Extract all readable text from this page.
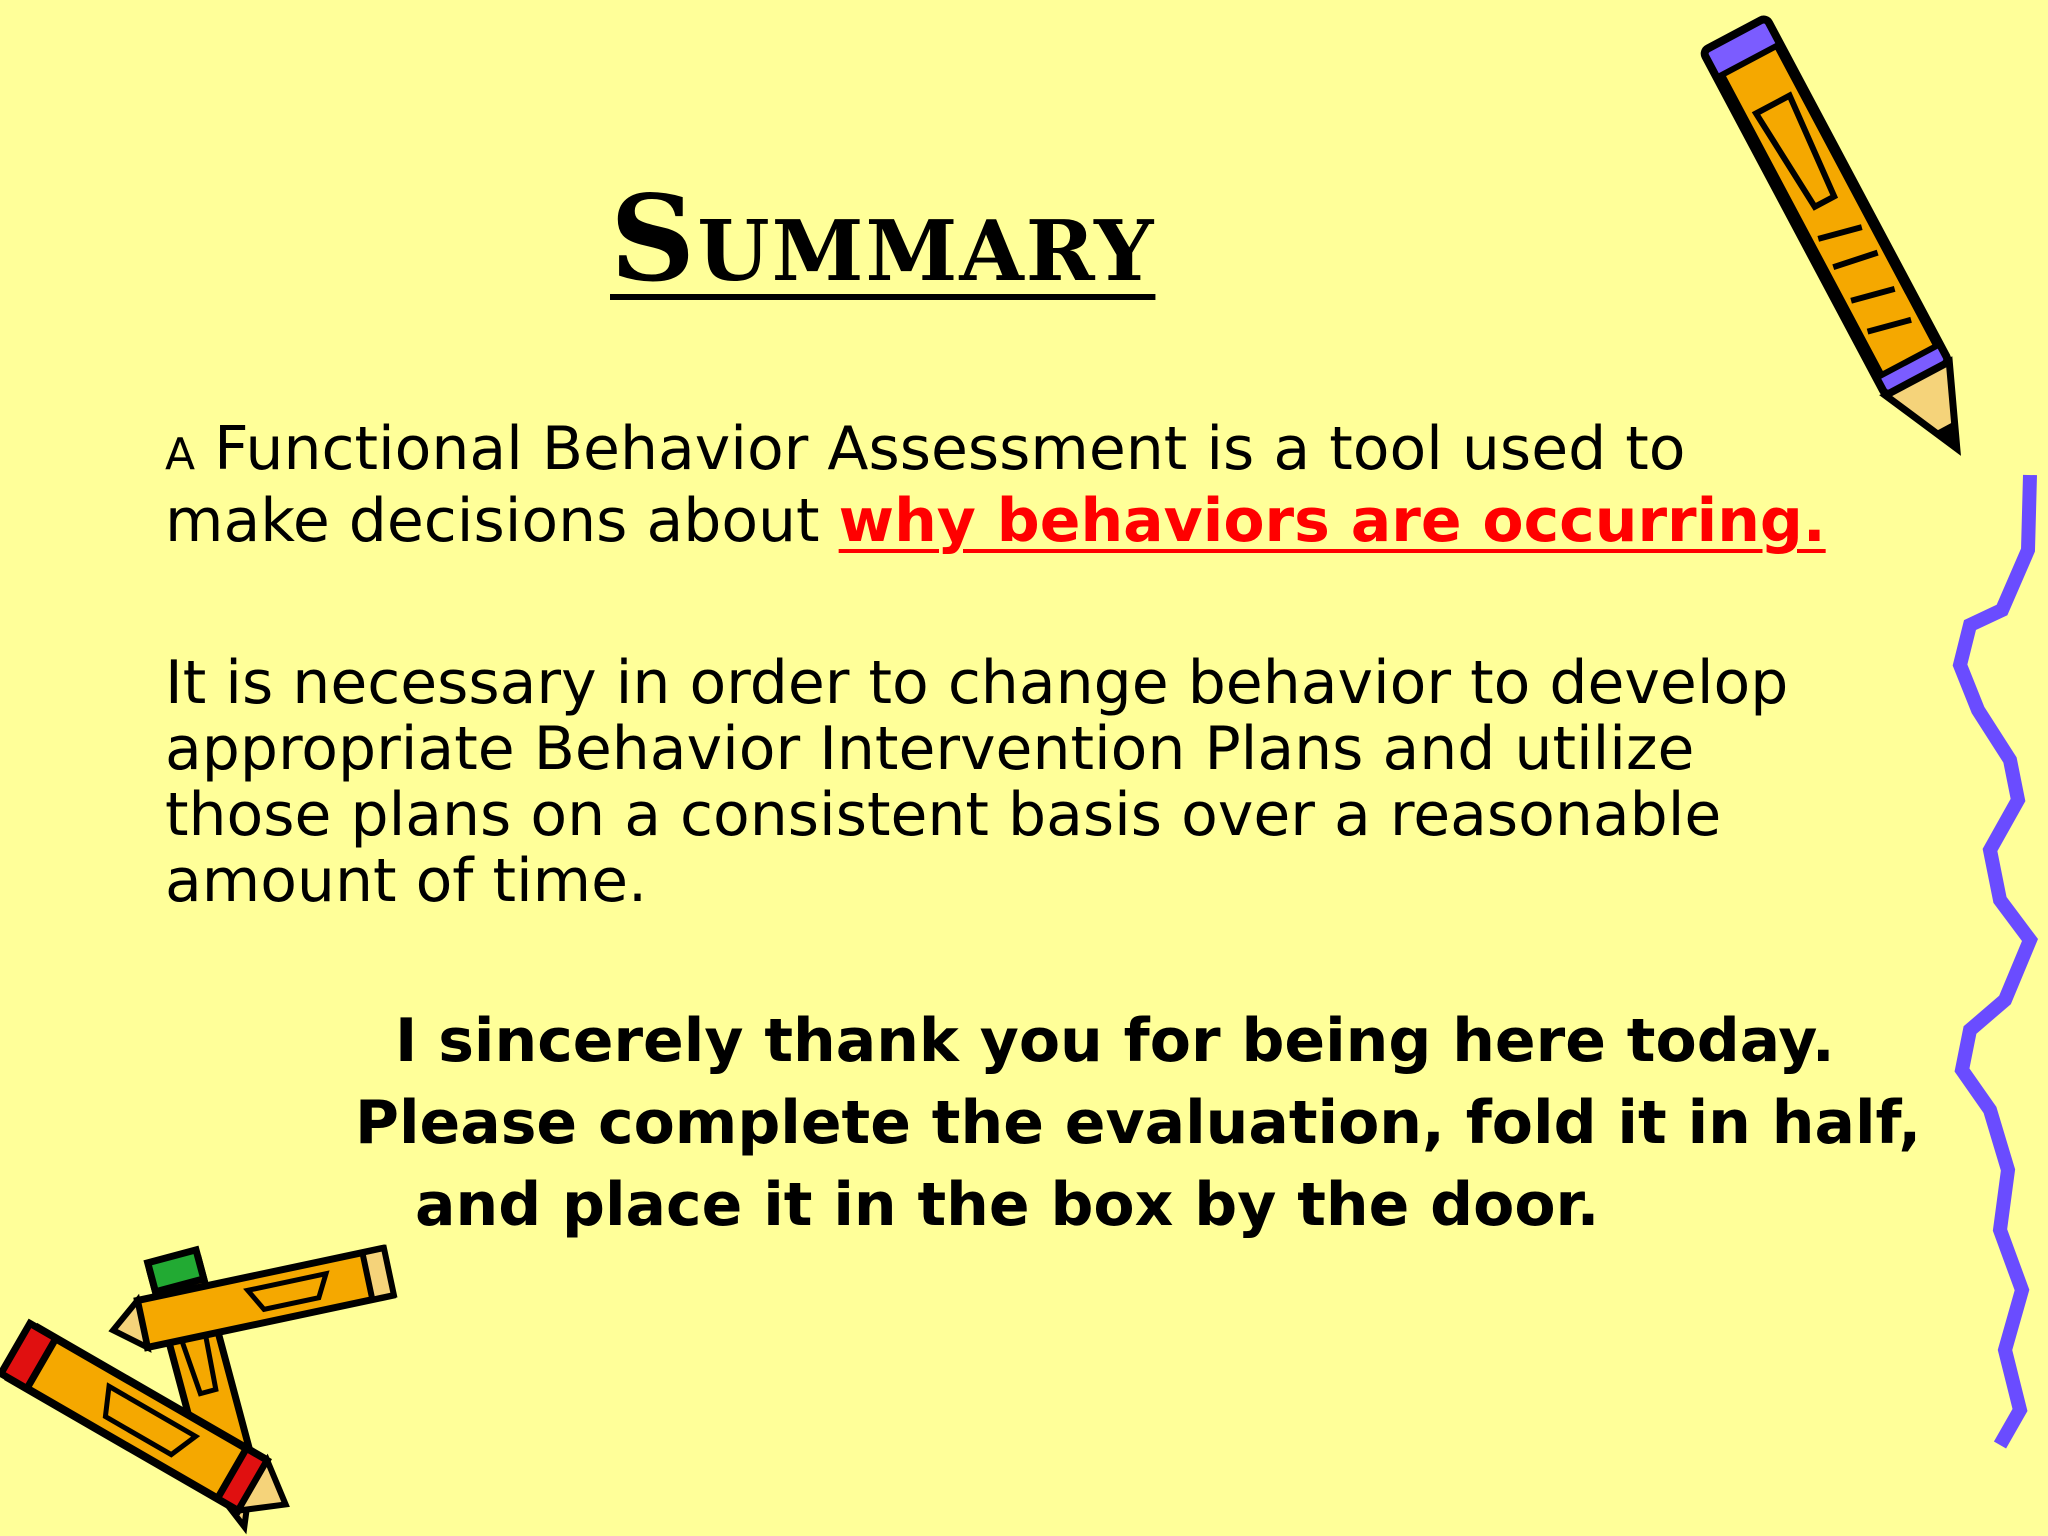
Summary

A Functional Behavior Assessment is a tool used to
make decisions about why behaviors are occurring.

It is necessary in order to change behavior to develop
appropriate Behavior Intervention Plans and utilize
those plans on a consistent basis over a reasonable
amount of time.

I sincerely thank you for being here today.
Please complete the evaluation, fold it in half,
and place it in the box by the door.
